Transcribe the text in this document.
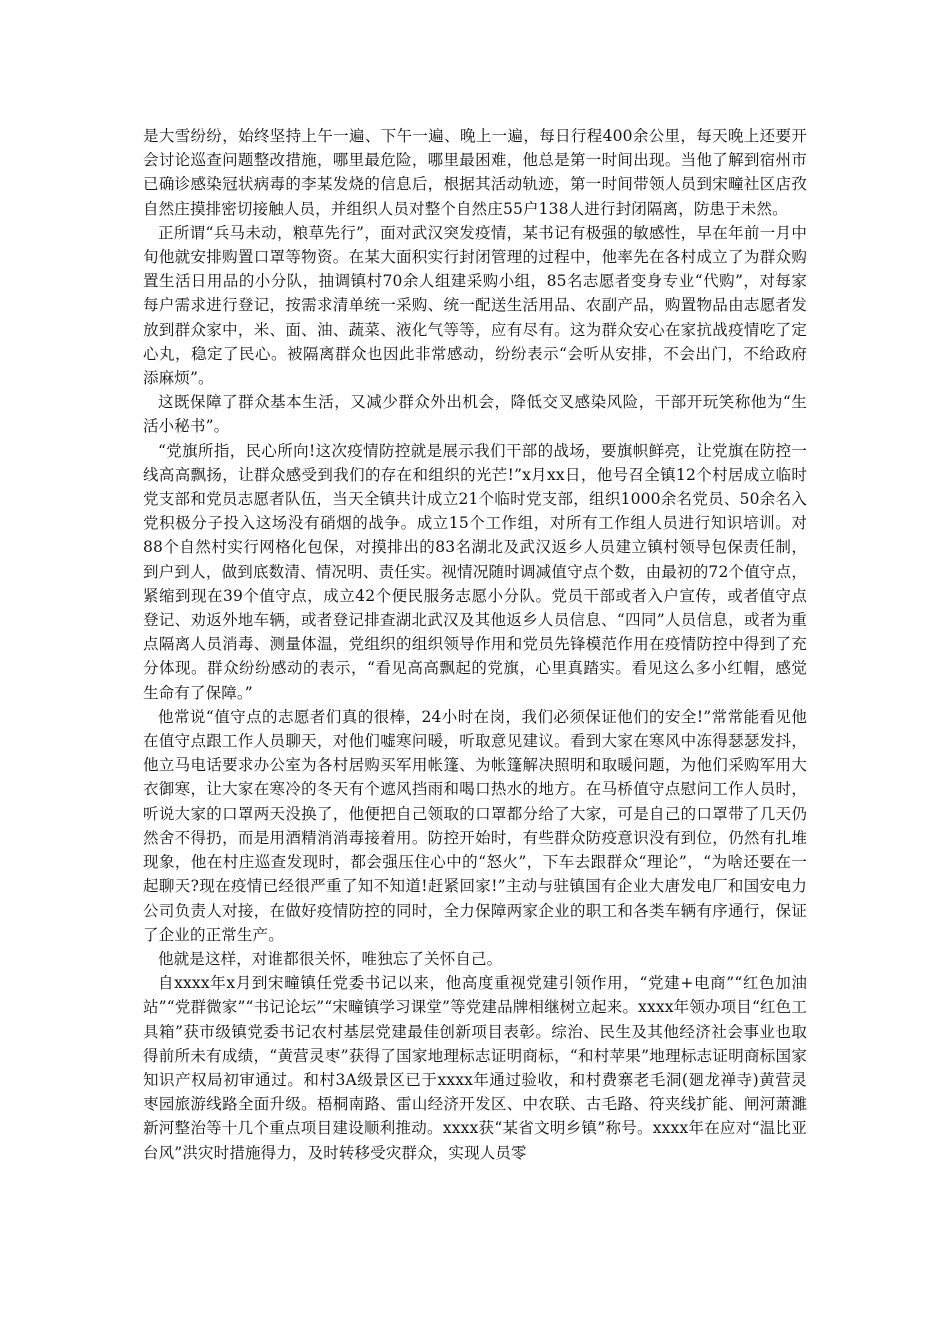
是大雪纷纷，始终坚持上午一遍、下午一遍、晚上一遍，每日行程400余公里，每天晚上还要开会讨论巡查问题整改措施，哪里最危险，哪里最困难，他总是第一时间出现。当他了解到宿州市已确诊感染冠状病毒的李某发烧的信息后，根据其活动轨迹，第一时间带领人员到宋疃社区店孜自然庄摸排密切接触人员，并组织人员对整个自然庄55户138人进行封闭隔离，防患于未然。

正所谓“兵马未动，粮草先行”，面对武汉突发疫情，某书记有极强的敏感性，早在年前一月中旬他就安排购置口罩等物资。在某大面积实行封闭管理的过程中，他率先在各村成立了为群众购置生活日用品的小分队，抽调镇村70余人组建采购小组，85名志愿者变身专业“代购”，对每家每户需求进行登记，按需求清单统一采购、统一配送生活用品、农副产品，购置物品由志愿者发放到群众家中，米、面、油、蔬菜、液化气等等，应有尽有。这为群众安心在家抗战疫情吃了定心丸，稳定了民心。被隔离群众也因此非常感动，纷纷表示“会听从安排，不会出门，不给政府添麻烦”。

这既保障了群众基本生活，又减少群众外出机会，降低交叉感染风险，干部开玩笑称他为“生活小秘书”。

“党旗所指，民心所向!这次疫情防控就是展示我们干部的战场，要旗帜鲜亮，让党旗在防控一线高高飘扬，让群众感受到我们的存在和组织的光芒!”x月xx日，他号召全镇12个村居成立临时党支部和党员志愿者队伍，当天全镇共计成立21个临时党支部，组织1000余名党员、50余名入党积极分子投入这场没有硝烟的战争。成立15个工作组，对所有工作组人员进行知识培训。对88个自然村实行网格化包保，对摸排出的83名湖北及武汉返乡人员建立镇村领导包保责任制，到户到人，做到底数清、情况明、责任实。视情况随时调减值守点个数，由最初的72个值守点，紧缩到现在39个值守点，成立42个便民服务志愿小分队。党员干部或者入户宣传，或者值守点登记、劝返外地车辆，或者登记排查湖北武汉及其他返乡人员信息、“四同”人员信息，或者为重点隔离人员消毒、测量体温，党组织的组织领导作用和党员先锋模范作用在疫情防控中得到了充分体现。群众纷纷感动的表示，“看见高高飘起的党旗，心里真踏实。看见这么多小红帽，感觉生命有了保障。”

他常说“值守点的志愿者们真的很棒，24小时在岗，我们必须保证他们的安全!”常常能看见他在值守点跟工作人员聊天，对他们嘘寒问暖，听取意见建议。看到大家在寒风中冻得瑟瑟发抖，他立马电话要求办公室为各村居购买军用帐篷、为帐篷解决照明和取暖问题，为他们采购军用大衣御寒，让大家在寒冷的冬天有个遮风挡雨和喝口热水的地方。在马桥值守点慰问工作人员时，听说大家的口罩两天没换了，他便把自己领取的口罩都分给了大家，可是自己的口罩带了几天仍然舍不得扔，而是用酒精消消毒接着用。防控开始时，有些群众防疫意识没有到位，仍然有扎堆现象，他在村庄巡查发现时，都会强压住心中的“怒火”，下车去跟群众“理论”，“为啥还要在一起聊天?现在疫情已经很严重了知不知道!赶紧回家!”主动与驻镇国有企业大唐发电厂和国安电力公司负责人对接，在做好疫情防控的同时，全力保障两家企业的职工和各类车辆有序通行，保证了企业的正常生产。

他就是这样，对谁都很关怀，唯独忘了关怀自己。

自xxxx年x月到宋疃镇任党委书记以来，他高度重视党建引领作用，“党建+电商”“红色加油站”“党群微家”“书记论坛”“宋疃镇学习课堂”等党建品牌相继树立起来。xxxx年领办项目“红色工具箱”获市级镇党委书记农村基层党建最佳创新项目表彰。综治、民生及其他经济社会事业也取得前所未有成绩，“黄营灵枣”获得了国家地理标志证明商标，“和村苹果”地理标志证明商标国家知识产权局初审通过。和村3A级景区已于xxxx年通过验收，和村费寨老毛洞(廻龙禅寺)黄营灵枣园旅游线路全面升级。梧桐南路、雷山经济开发区、中农联、古毛路、符夹线扩能、闸河萧濉新河整治等十几个重点项目建设顺利推动。xxxx获“某省文明乡镇”称号。xxxx年在应对“温比亚台风”洪灾时措施得力，及时转移受灾群众，实现人员零
